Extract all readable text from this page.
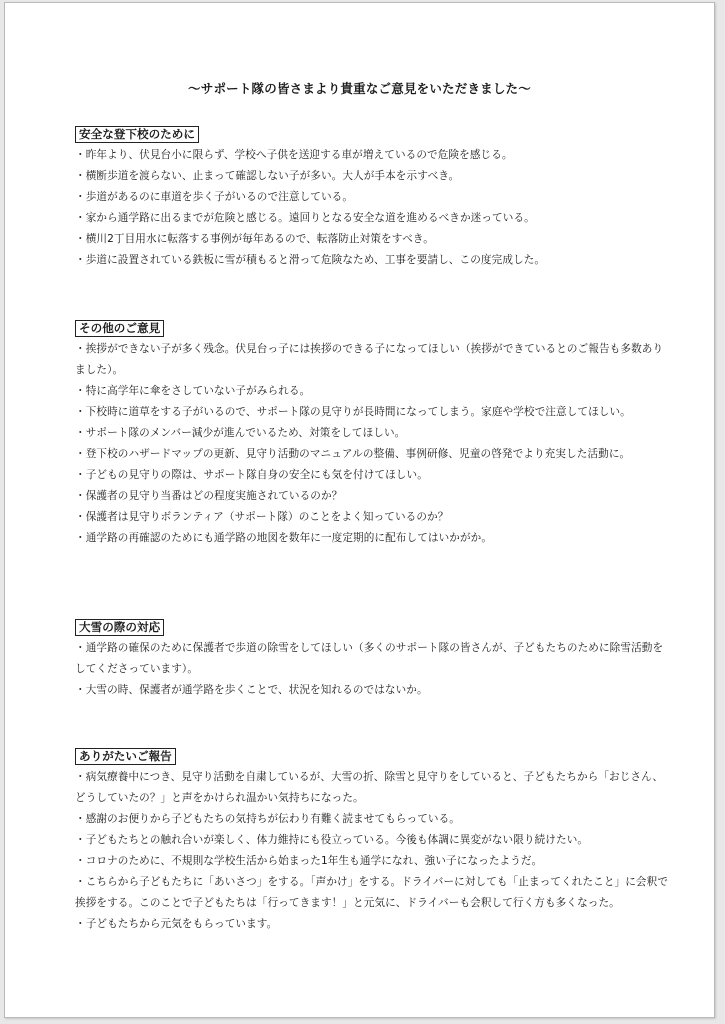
～サポート隊の皆さまより貴重なご意見をいただきました～
安全な登下校のために
・昨年より、伏見台小に限らず、学校へ子供を送迎する車が増えているので危険を感じる。
・横断歩道を渡らない、止まって確認しない子が多い。大人が手本を示すべき。
・歩道があるのに車道を歩く子がいるので注意している。
・家から通学路に出るまでが危険と感じる。遠回りとなる安全な道を進めるべきか迷っている。
・横川2丁目用水に転落する事例が毎年あるので、転落防止対策をすべき。
・歩道に設置されている鉄板に雪が積もると滑って危険なため、工事を要請し、この度完成した。
その他のご意見
・挨拶ができない子が多く残念。伏見台っ子には挨拶のできる子になってほしい（挨拶ができているとのご報告も多数ありました）。
・特に高学年に傘をさしていない子がみられる。
・下校時に道草をする子がいるので、サポート隊の見守りが長時間になってしまう。家庭や学校で注意してほしい。
・サポート隊のメンバー減少が進んでいるため、対策をしてほしい。
・登下校のハザードマップの更新、見守り活動のマニュアルの整備、事例研修、児童の啓発でより充実した活動に。
・子どもの見守りの際は、サポート隊自身の安全にも気を付けてほしい。
・保護者の見守り当番はどの程度実施されているのか？
・保護者は見守りボランティア（サポート隊）のことをよく知っているのか？
・通学路の再確認のためにも通学路の地図を数年に一度定期的に配布してはいかがか。
大雪の際の対応
・通学路の確保のために保護者で歩道の除雪をしてほしい（多くのサポート隊の皆さんが、子どもたちのために除雪活動をしてくださっています）。
・大雪の時、保護者が通学路を歩くことで、状況を知れるのではないか。
ありがたいご報告
・病気療養中につき、見守り活動を自粛しているが、大雪の折、除雪と見守りをしていると、子どもたちから「おじさん、どうしていたの？」と声をかけられ温かい気持ちになった。
・感謝のお便りから子どもたちの気持ちが伝わり有難く読ませてもらっている。
・子どもたちとの触れ合いが楽しく、体力維持にも役立っている。今後も体調に異変がない限り続けたい。
・コロナのために、不規則な学校生活から始まった1年生も通学になれ、強い子になったようだ。
・こちらから子どもたちに「あいさつ」をする。「声かけ」をする。ドライバーに対しても「止まってくれたこと」に会釈で挨拶をする。このことで子どもたちは「行ってきます！」と元気に、ドライバーも会釈して行く方も多くなった。
・子どもたちから元気をもらっています。
